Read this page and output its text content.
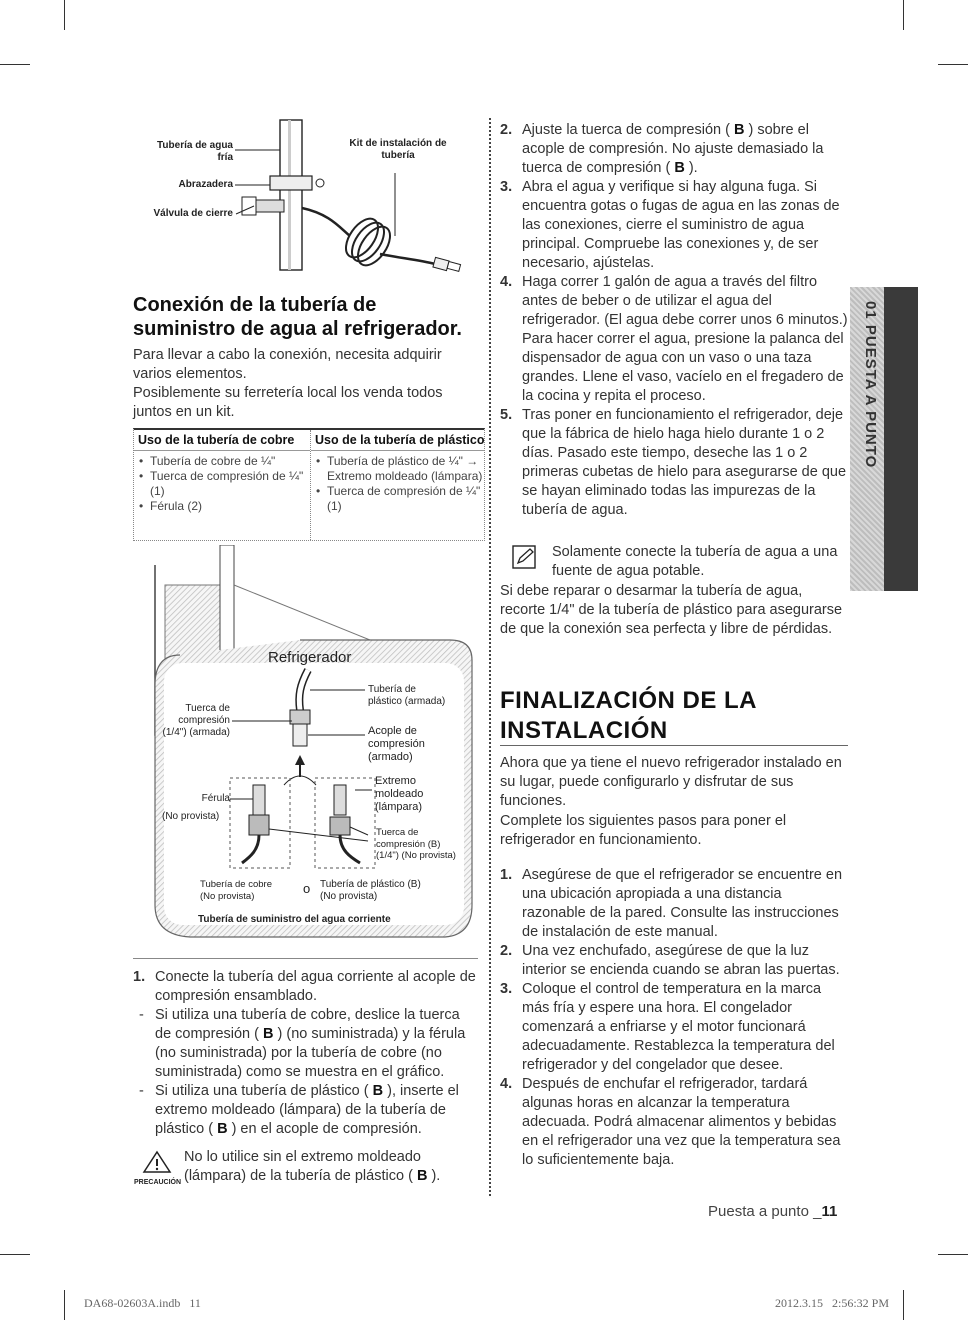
Tubería de agua
fría
Abrazadera
Válvula de cierre
Kit de instalación de
tubería
Conexión de la tubería de suministro de agua al refrigerador.
Para llevar a cabo la conexión, necesita adquirir varios elementos.
Posiblemente su ferretería local los venda todos juntos en un kit.
Uso de la tubería de cobre
• Tubería de cobre de ¼"
• Tuerca de compresión de ¼" (1)
• Férula (2)
Uso de la tubería de plástico
• Tubería de plástico de ¼" → Extremo moldeado (lámpara)
• Tuerca de compresión de ¼" (1)
Refrigerador
Tuerca de
compresión
(1/4") (armada)
Tubería de
plástico (armada)
Acople de
compresión
(armado)
Extremo
moldeado
(lámpara)
Férula
(No provista)
Tuerca de
compresión (B)
(1/4") (No provista)
Tubería de cobre
(No provista)
o Tubería de plástico (B)
(No provista)
Tubería de suministro del agua corriente
1. Conecte la tubería del agua corriente al acople de compresión ensamblado.
- Si utiliza una tubería de cobre, deslice la tuerca de compresión ( B ) (no suministrada) y la férula (no suministrada) por la tubería de cobre (no suministrada) como se muestra en el gráfico.
- Si utiliza una tubería de plástico ( B ), inserte el extremo moldeado (lámpara) de la tubería de plástico ( B ) en el acople de compresión.
PRECAUCIÓN
No lo utilice sin el extremo moldeado (lámpara) de la tubería de plástico ( B ).
2. Ajuste la tuerca de compresión ( B ) sobre el acople de compresión. No ajuste demasiado la tuerca de compresión ( B ).
3. Abra el agua y verifique si hay alguna fuga. Si encuentra gotas o fugas de agua en las zonas de las conexiones, cierre el suministro de agua principal. Compruebe las conexiones y, de ser necesario, ajústelas.
4. Haga correr 1 galón de agua a través del filtro antes de beber o de utilizar el agua del refrigerador. (El agua debe correr unos 6 minutos.) Para hacer correr el agua, presione la palanca del dispensador de agua con un vaso o una taza grandes. Llene el vaso, vacíelo en el fregadero de la cocina y repita el proceso.
5. Tras poner en funcionamiento el refrigerador, deje que la fábrica de hielo haga hielo durante 1 o 2 días. Pasado este tiempo, deseche las 1 o 2 primeras cubetas de hielo para asegurarse de que se hayan eliminado todas las impurezas de la tubería de agua.
Solamente conecte la tubería de agua a una fuente de agua potable.
Si debe reparar o desarmar la tubería de agua, recorte 1/4" de la tubería de plástico para asegurarse de que la conexión sea perfecta y libre de pérdidas.
FINALIZACIÓN DE LA INSTALACIÓN
Ahora que ya tiene el nuevo refrigerador instalado en su lugar, puede configurarlo y disfrutar de sus funciones.
Complete los siguientes pasos para poner el refrigerador en funcionamiento.
1. Asegúrese de que el refrigerador se encuentre en una ubicación apropiada a una distancia razonable de la pared. Consulte las instrucciones de instalación de este manual.
2. Una vez enchufado, asegúrese de que la luz interior se encienda cuando se abran las puertas.
3. Coloque el control de temperatura en la marca más fría y espere una hora. El congelador comenzará a enfriarse y el motor funcionará adecuadamente. Restablezca la temperatura del refrigerador y del congelador que desee.
4. Después de enchufar el refrigerador, tardará algunas horas en alcanzar la temperatura adecuada. Podrá almacenar alimentos y bebidas en el refrigerador una vez que la temperatura sea lo suficientemente baja.
01 PUESTA A PUNTO
Puesta a punto _11
DA68-02603A.indb   11	2012.3.15   2:56:32 PM
